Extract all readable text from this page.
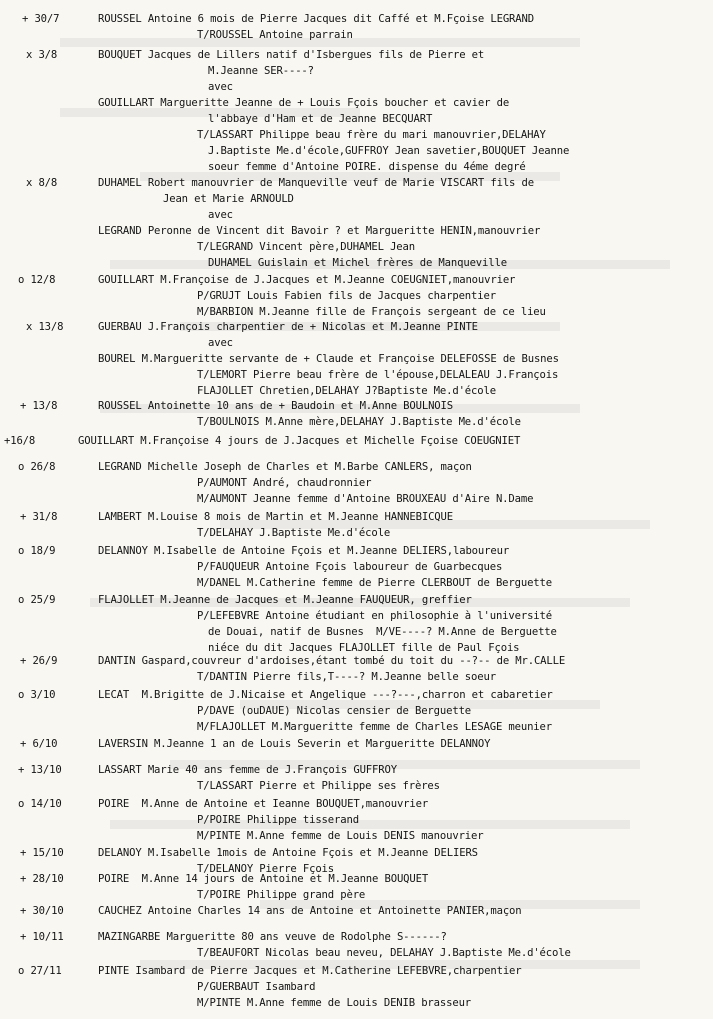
+ 30/7	ROUSSEL Antoine 6 mois de Pierre Jacques dit Caffé et M.Fçoise LEGRAND
T/ROUSSEL Antoine parrain
x 3/8	BOUQUET Jacques de Lillers natif d'Isbergues fils de Pierre et
M.Jeanne SER----?
avec
GOUILLART Margueritte Jeanne de + Louis Fçois boucher et cavier de
l'abbaye d'Ham et de Jeanne BECQUART
T/LASSART Philippe beau frère du mari manouvrier,DELAHAY
J.Baptiste Me.d'école,GUFFROY Jean savetier,BOUQUET Jeanne
soeur femme d'Antoine POIRE. dispense du 4éme degré
x 8/8	DUHAMEL Robert manouvrier de Manqueville veuf de Marie VISCART fils de
Jean et Marie ARNOULD
avec
LEGRAND Peronne de Vincent dit Bavoir ? et Margueritte HENIN,manouvrier
T/LEGRAND Vincent père,DUHAMEL Jean
DUHAMEL Guislain et Michel frères de Manqueville
o 12/8	GOUILLART M.Françoise de J.Jacques et M.Jeanne COEUGNIET,manouvrier
P/GRUJT Louis Fabien fils de Jacques charpentier
M/BARBION M.Jeanne fille de François sergeant de ce lieu
x 13/8	GUERBAU J.François charpentier de + Nicolas et M.Jeanne PINTE
avec
BOUREL M.Margueritte servante de + Claude et Françoise DELEFOSSE de Busnes
T/LEMORT Pierre beau frère de l'épouse,DELALEAU J.François
FLAJOLLET Chretien,DELAHAY J?Baptiste Me.d'école
+ 13/8	ROUSSEL Antoinette 10 ans de + Baudoin et M.Anne BOULNOIS
T/BOULNOIS M.Anne mère,DELAHAY J.Baptiste Me.d'école
+16/8	GOUILLART M.Françoise 4 jours de J.Jacques et Michelle Fçoise COEUGNIET
o 26/8	LEGRAND Michelle Joseph de Charles et M.Barbe CANLERS, maçon
P/AUMONT André, chaudronnier
M/AUMONT Jeanne femme d'Antoine BROUXEAU d'Aire N.Dame
+ 31/8	LAMBERT M.Louise 8 mois de Martin et M.Jeanne HANNEBICQUE
T/DELAHAY J.Baptiste Me.d'école
o 18/9	DELANNOY M.Isabelle de Antoine Fçois et M.Jeanne DELIERS,laboureur
P/FAUQUEUR Antoine Fçois laboureur de Guarbecques
M/DANEL M.Catherine femme de Pierre CLERBOUT de Berguette
o 25/9	FLAJOLLET M.Jeanne de Jacques et M.Jeanne FAUQUEUR, greffier
P/LEFEBVRE Antoine étudiant en philosophie à l'université
de Douai, natif de Busnes  M/VE----? M.Anne de Berguette
niéce du dit Jacques FLAJOLLET fille de Paul Fçois
+ 26/9	DANTIN Gaspard,couvreur d'ardoises,étant tombé du toit du --?-- de Mr.CALLE
T/DANTIN Pierre fils,T----? M.Jeanne belle soeur
o 3/10	LECAT  M.Brigitte de J.Nicaise et Angelique ---?---,charron et cabaretier
P/DAVE (ouDAUE) Nicolas censier de Berguette
M/FLAJOLLET M.Margueritte femme de Charles LESAGE meunier
+ 6/10	LAVERSIN M.Jeanne 1 an de Louis Severin et Margueritte DELANNOY
+ 13/10	LASSART Marie 40 ans femme de J.François GUFFROY
T/LASSART Pierre et Philippe ses frères
o 14/10	POIRE  M.Anne de Antoine et Ieanne BOUQUET,manouvrier
P/POIRE Philippe tisserand
M/PINTE M.Anne femme de Louis DENIS manouvrier
+ 15/10	DELANOY M.Isabelle 1mois de Antoine Fçois et M.Jeanne DELIERS
T/DELANOY Pierre Fçois
+ 28/10	POIRE  M.Anne 14 jours de Antoine et M.Jeanne BOUQUET
T/POIRE Philippe grand père
+ 30/10	CAUCHEZ Antoine Charles 14 ans de Antoine et Antoinette PANIER,maçon
+ 10/11	MAZINGARBE Margueritte 80 ans veuve de Rodolphe S------?
T/BEAUFORT Nicolas beau neveu, DELAHAY J.Baptiste Me.d'école
o 27/11	PINTE Isambard de Pierre Jacques et M.Catherine LEFEBVRE,charpentier
P/GUERBAUT Isambard
M/PINTE M.Anne femme de Louis DENIB brasseur
